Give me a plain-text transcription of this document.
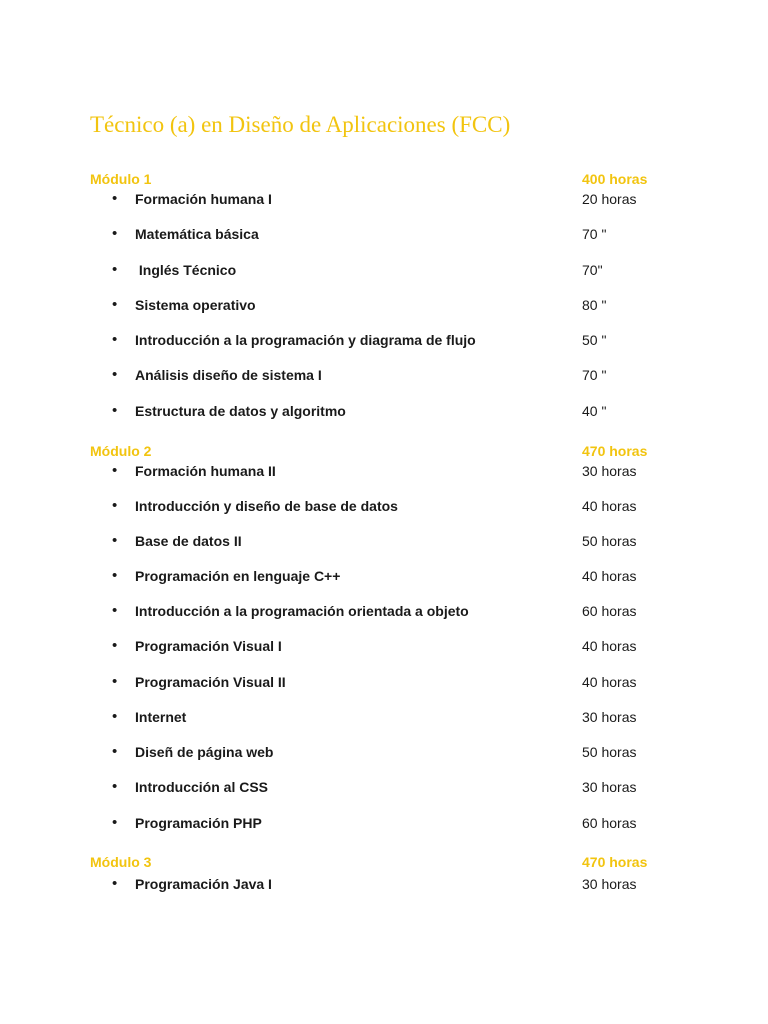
Técnico (a) en Diseño de Aplicaciones (FCC)
Módulo 1	400 horas
• Formación humana I	20 horas
• Matemática básica	70 "
• Inglés Técnico	70"
• Sistema operativo	80 "
• Introducción a la programación y diagrama de flujo	50 "
• Análisis diseño de sistema I	70 "
• Estructura de datos y algoritmo	40 "
Módulo 2	470 horas
• Formación humana II	30 horas
• Introducción y diseño de base de datos	40 horas
• Base de datos II	50 horas
• Programación en lenguaje C++	40 horas
• Introducción a la programación orientada a objeto	60 horas
• Programación Visual I	40 horas
• Programación Visual II	40 horas
• Internet	30 horas
• Diseñ de página web	50 horas
• Introducción al CSS	30 horas
• Programación PHP	60 horas
Módulo 3	470 horas
• Programación Java I	30 horas
